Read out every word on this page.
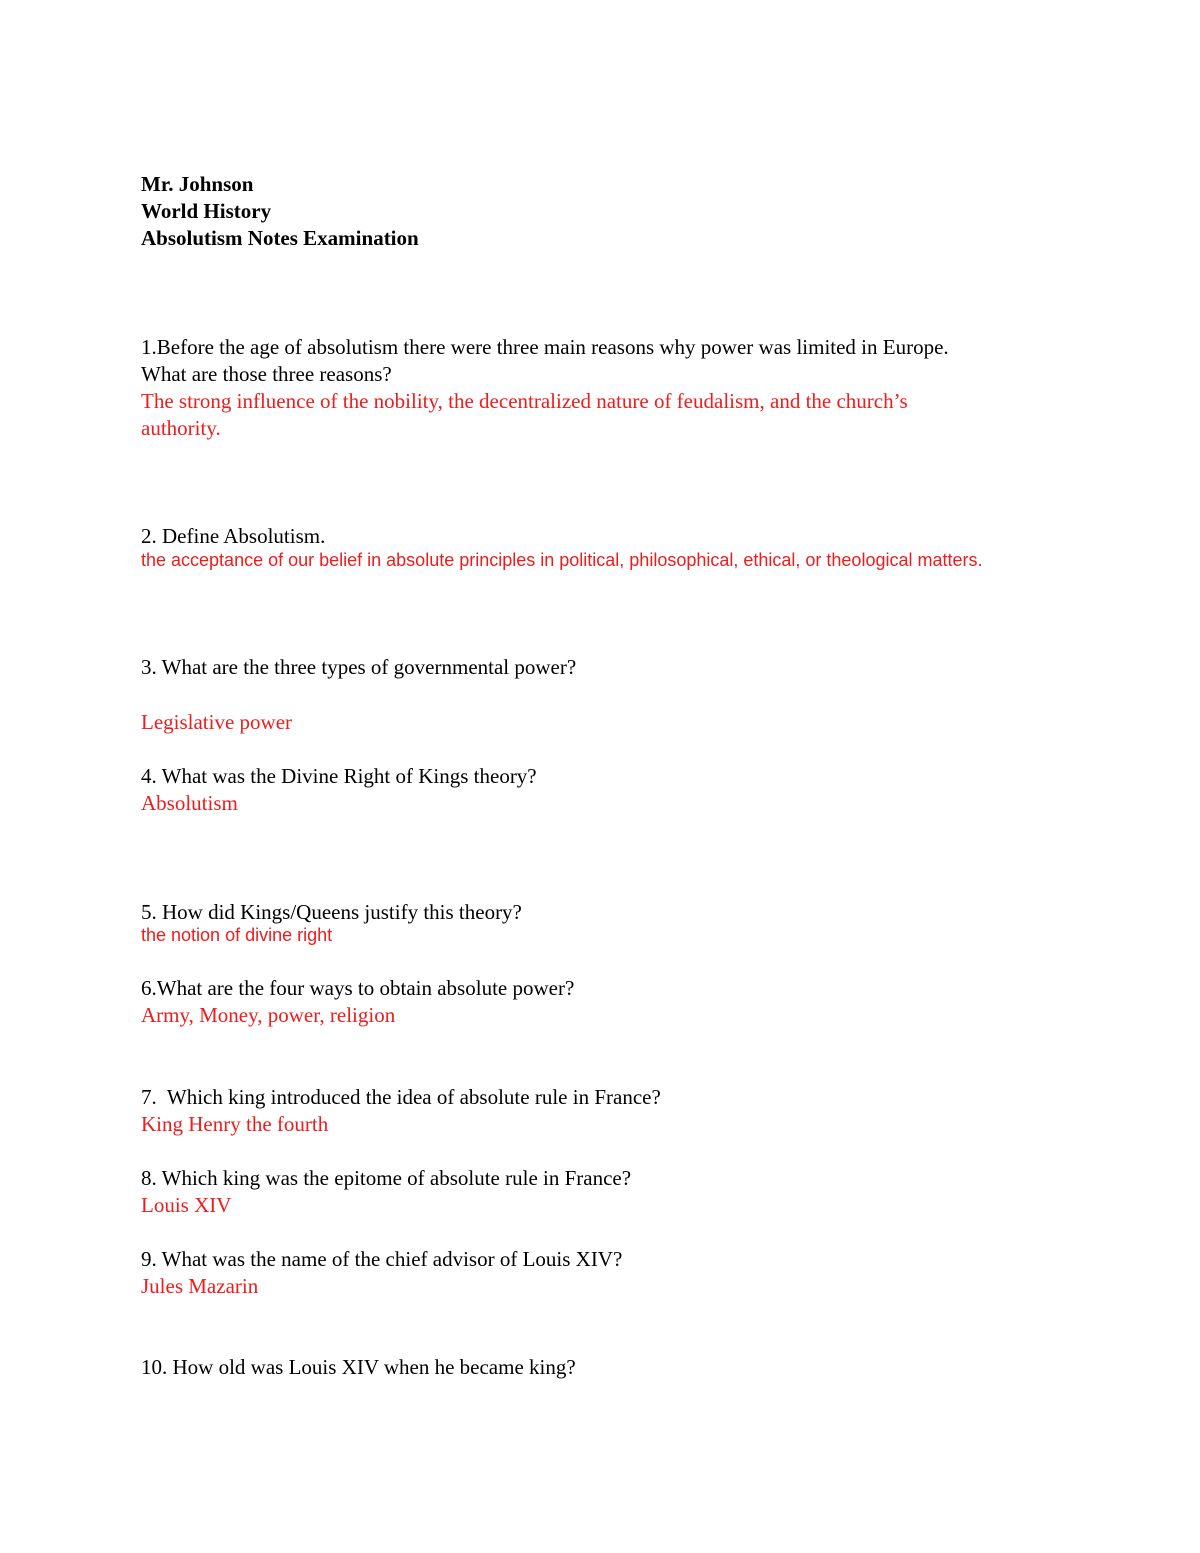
Mr. Johnson
World History
Absolutism Notes Examination
1.Before the age of absolutism there were three main reasons why power was limited in Europe.
What are those three reasons?
The strong influence of the nobility, the decentralized nature of feudalism, and the church’s
authority.
2. Define Absolutism.
the acceptance of our belief in absolute principles in political, philosophical, ethical, or theological matters.
3. What are the three types of governmental power?
Legislative power
4. What was the Divine Right of Kings theory?
Absolutism
5. How did Kings/Queens justify this theory?
the notion of divine right
6.What are the four ways to obtain absolute power?
Army, Money, power, religion
7.  Which king introduced the idea of absolute rule in France?
King Henry the fourth
8. Which king was the epitome of absolute rule in France?
Louis XIV
9. What was the name of the chief advisor of Louis XIV?
Jules Mazarin
10. How old was Louis XIV when he became king?
